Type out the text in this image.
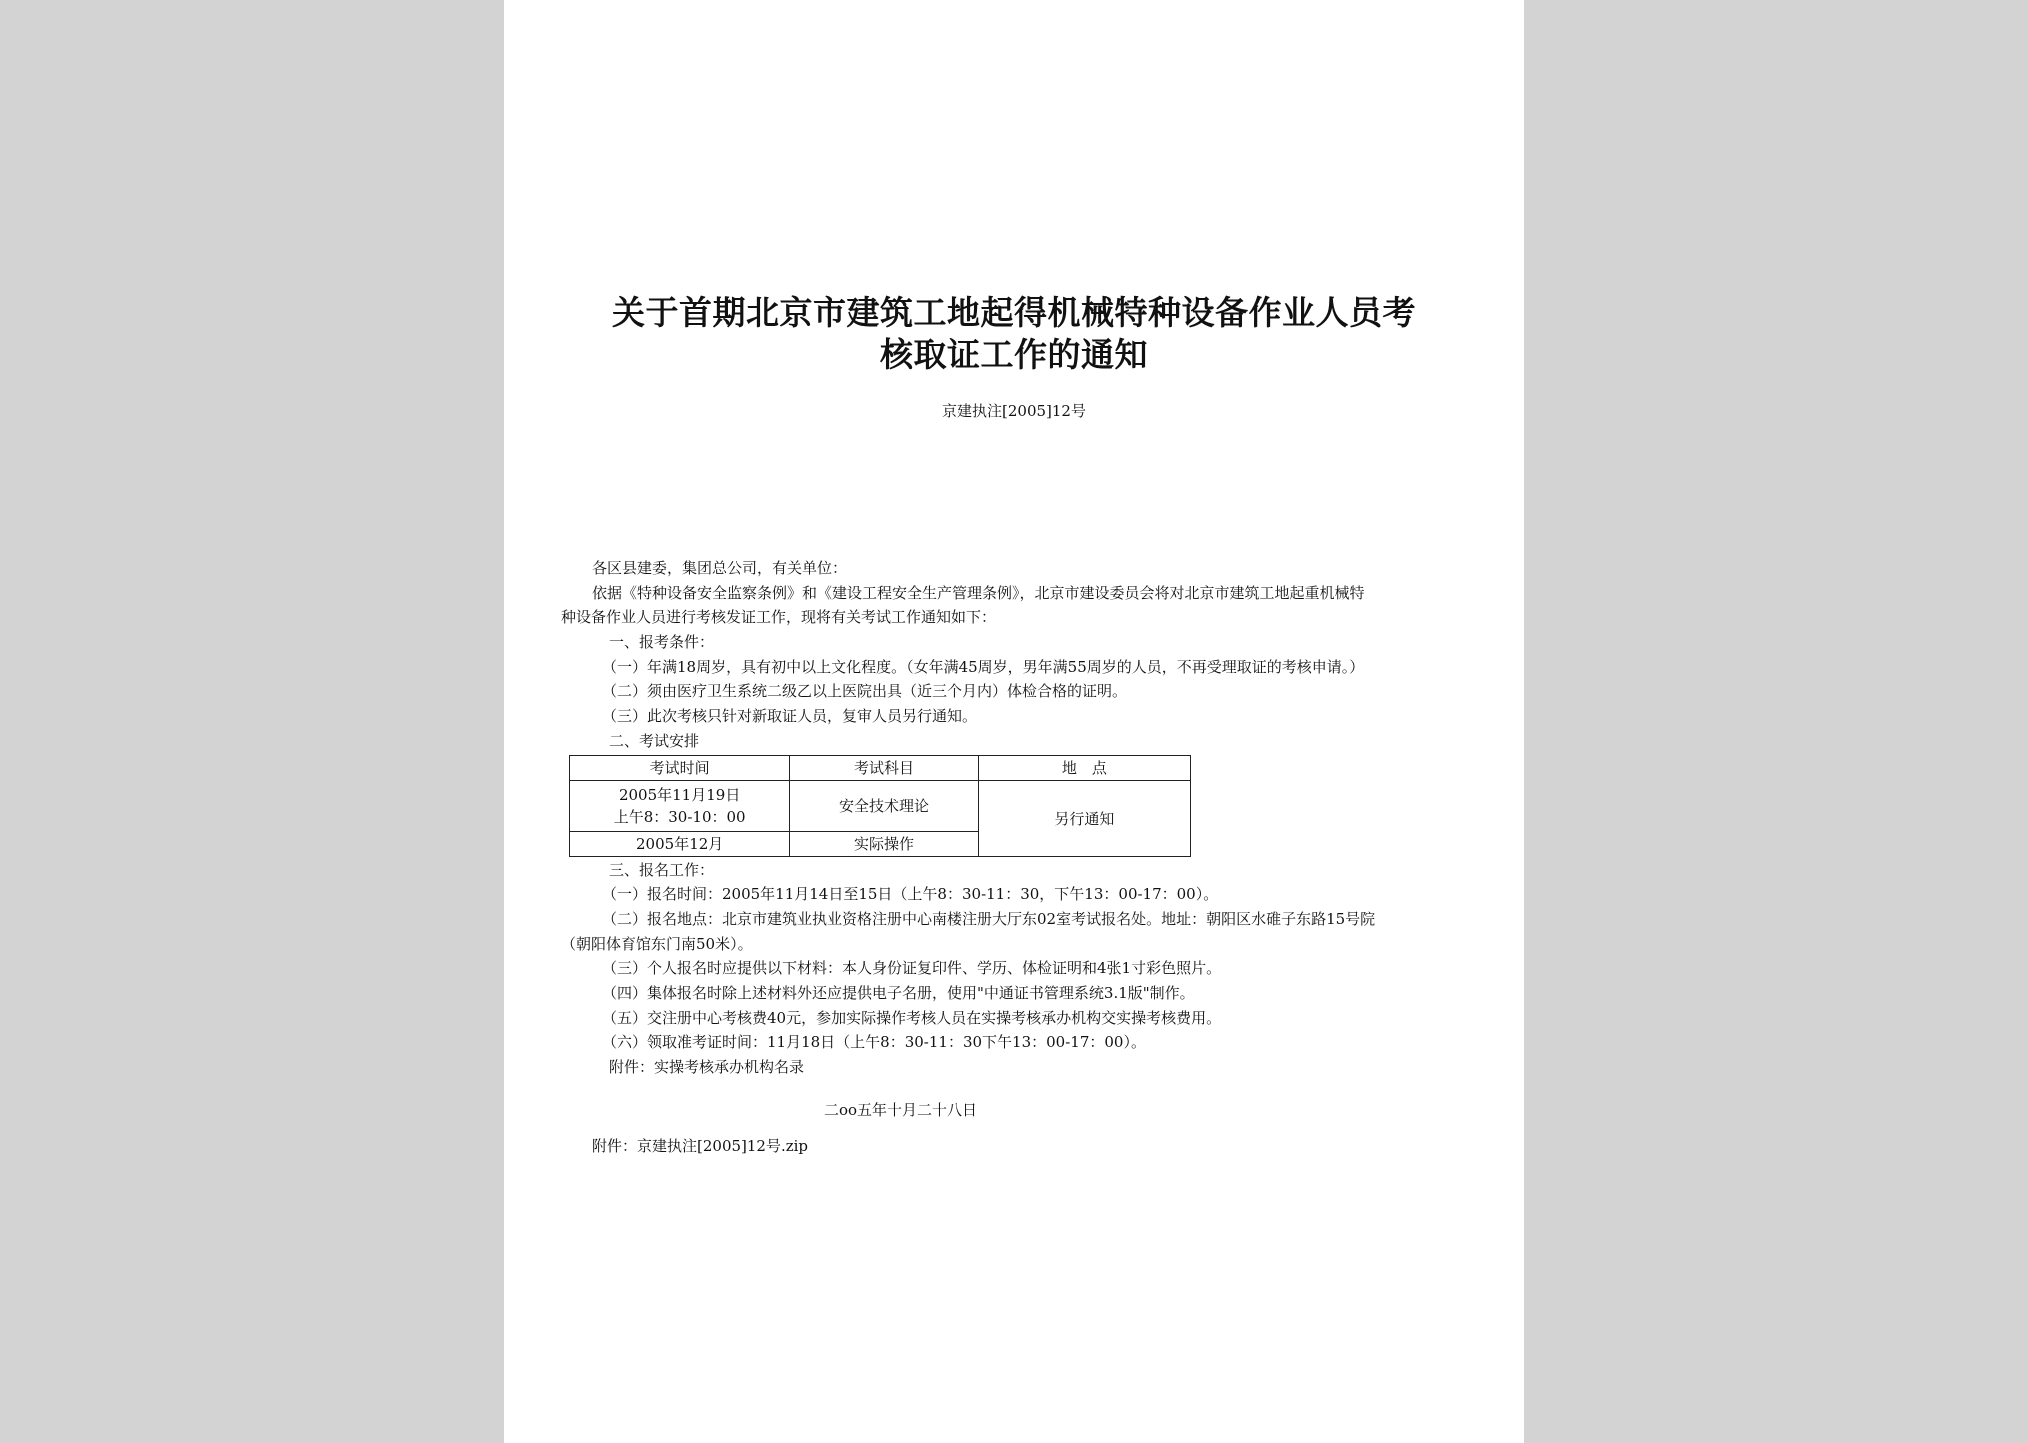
关于首期北京市建筑工地起得机械特种设备作业人员考
核取证工作的通知
京建执注[2005]12号
各区县建委，集团总公司，有关单位：
依据《特种设备安全监察条例》和《建设工程安全生产管理条例》，北京市建设委员会将对北京市建筑工地起重机械特
种设备作业人员进行考核发证工作，现将有关考试工作通知如下：
一、报考条件：
（一）年满18周岁，具有初中以上文化程度。（女年满45周岁，男年满55周岁的人员，不再受理取证的考核申请。）
（二）须由医疗卫生系统二级乙以上医院出具（近三个月内）体检合格的证明。
（三）此次考核只针对新取证人员，复审人员另行通知。
二、考试安排
考试时间	考试科目	地　点

2005年11月19日
上午8：30-10：00	安全技术理论	另行通知
2005年12月	实际操作	
三、报名工作：
（一）报名时间：2005年11月14日至15日（上午8：30-11：30，下午13：00-17：00）。
（二）报名地点：北京市建筑业执业资格注册中心南楼注册大厅东02室考试报名处。地址：朝阳区水碓子东路15号院
（朝阳体育馆东门南50米）。
（三）个人报名时应提供以下材料：本人身份证复印件、学历、体检证明和4张1寸彩色照片。
（四）集体报名时除上述材料外还应提供电子名册，使用"中通证书管理系统3.1版"制作。
（五）交注册中心考核费40元，参加实际操作考核人员在实操考核承办机构交实操考核费用。
（六）领取准考证时间：11月18日（上午8：30-11：30下午13：00-17：00）。
附件：实操考核承办机构名录
二oo五年十月二十八日
附件：京建执注[2005]12号.zip
